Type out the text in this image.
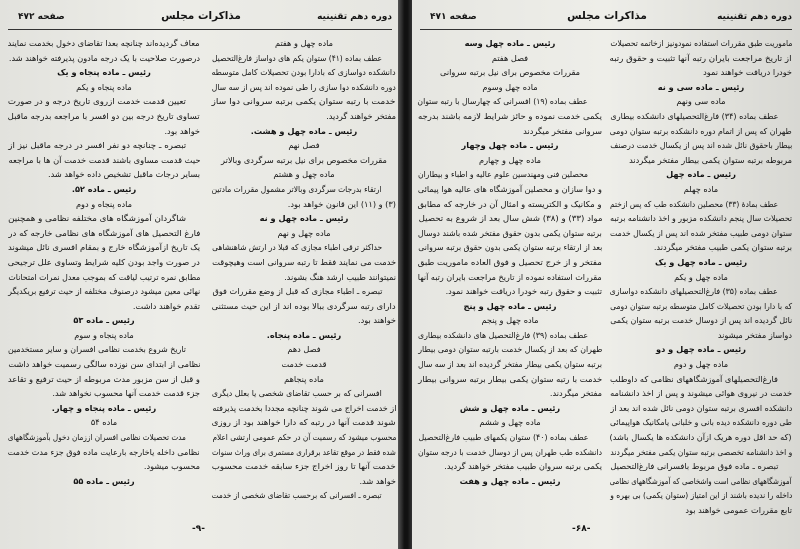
دوره دهم تقنینیه
مذاکرات مجلس
صفحه ۴۷۲
ماده چهل و هفتم
عطف بماده (۴۱) ستوان یکم های دواساز فارغ‌التحصیل
دانشکده دواسازی که بادارا بودن تحصیلات کامل متوسطه
دوره دانشکده دوا سازی را طی نموده اند پس از سه سال
خدمت با رتبه ستوان یکمی برتبه سروانی دوا ساز
مفتخر خواهند گردید.
رئیس ـ ماده چهل و هشت.
فصل نهم
مقررات مخصوص برای نیل برتبه سرگردی وبالاتر
ماده چهل و هشتم
ارتقاء بدرجات سرگردی وبالاتر مشمول مقررات مادتین
(۳) و (۱۱) این قانون خواهد بود.
رئیس ـ ماده چهل و نه
ماده چهل و نهم
حداکثر ترقی اطباء مجازی که قبلا در ارتش شاهنشاهی
خدمت می نمایند فقط تا رتبه سروانی است وهیچوقت
نمیتوانند طبیب ارشد هنگ بشوند.
تبصره ـ اطباء مجازی که قبل از وضع مقررات فوق
دارای رتبه سرگردی ببالا بوده اند از این حیث مستثنی
خواهند بود.
رئیس ـ ماده پنجاه.
فصل دهم
قدمت خدمت
ماده پنجاهم
افسرانی که بر حسب تقاضای شخصی یا بعلل دیگری
از خدمت اخراج می شوند چنانچه مجددا بخدمت پذیرفته
شوند قدمت آنها در رتبه که دارا خواهند بود از روزی
محسوب میشود که رسمیت آن در حکم عمومی ارتشی اعلام
شده فقط در موقع تقاعد برقراری مستمری برای وراث سنوات
خدمت آنها تا روز اخراج جزء سابقه خدمت محسوب
خواهد شد.
تبصره ـ افسرانی که برحسب تقاضای شخصی از خدمت
معاف گردیده‌اند چنانچه بعدا تقاضای دخول بخدمت نمایند
درصورت صلاحیت با یک درجه مادون پذیرفته خواهند شد.
رئیس ـ ماده پنجاه و یک
ماده پنجاه و یکم
تعیین قدمت خدمت ازروی تاریخ درجه و در صورت
تساوی تاریخ درجه بین دو افسر با مراجعه بدرجه ماقبل
خواهد بود.
تبصره ـ چنانچه دو نفر افسر در درجه ماقبل نیز از
حیث قدمت مساوی باشند قدمت خدمت آن ها با مراجعه
بسایر درجات ماقبل تشخیص داده خواهد شد.
رئیس ـ ماده ۵۲.
ماده پنجاه و دوم
شاگردان آموزشگاه های مختلفه نظامی و همچنین
فارغ التحصیل های آموزشگاه های نظامی خارجه که در
یک تاریخ ازآموزشگاه خارج و بمقام افسری نائل میشوند
در صورت واجد بودن کلیه شرایط وتساوی علل ترجیحی
مطابق نمره ترتیب لیاقت که بموجب معدل نمرات امتحانات
نهائی معین میشود درصنوف مختلفه از حیث ترفیع بریکدیگر
تقدم خواهند داشت.
رئیس ـ ماده ۵۳
ماده پنجاه و سوم
تاریخ شروع بخدمت نظامی افسران و سایر مستخدمین
نظامی از ابتدای سن نوزده سالگی رسمیت خواهد داشت
و قبل از سن مزبور مدت مربوطه از حیث ترفیع و تقاعد
جزء قدمت خدمت آنها محسوب نخواهد شد.
رئیس ـ ماده پنجاه و چهار.
ماده ۵۴
مدت تحصیلات نظامی افسران اززمان دخول بآموزشگاههای
نظامی داخله یاخارجه بارعایت ماده فوق جزء مدت خدمت
محسوب میشود.
رئیس ـ ماده ۵۵
-۹-
دوره دهم تقنینیه
مذاکرات مجلس
صفحه ۴۷۱
ماموریت طبق مقررات استفاده نمودونیز ازخاتمه تحصیلات
از تاریخ مراجعت بایران رتبه آنها تثبیت و حقوق رتبه
خودرا دریافت خواهند نمود
رئیس ـ ماده سی و نه
ماده سی ونهم
عطف بماده (۳۴) فارغ‌التحصیلهای دانشکده بیطاری
طهران که پس از اتمام دوره دانشکده برتبه ستوان دومی
بیطار باحقوق نائل شده اند پس از یکسال خدمت درصنف
مربوطه برتبه ستوان یکمی بیطار مفتخر میگردند
رئیس ـ ماده چهل
ماده چهلم
عطف بمادهٔ (۳۳) محصلین دانشکده طب که پس ازختم
تحصیلات سال پنجم دانشکده مزبور و اخذ دانشنامه برتبه
ستوان دومی طبیب مفتخر شده اند پس از یکسال خدمت
برتبه ستوان یکمی طبیب مفتخر میگردند.
رئیس ـ ماده چهل و یک
ماده چهل و یکم
عطف بماده (۳۵) فارغ‌التحصیلهای دانشکده دواسازی
که با دارا بودن تحصیلات کامل متوسطه برتبه ستوان دومی
نائل گردیده اند پس از دوسال خدمت برتبه ستوان یکمی
دواساز مفتخر میشوند
رئیس ـ ماده چهل و دو
ماده چهل و دوم
فارغ‌التحصیلهای آموزشگاههای نظامی که داوطلب
خدمت در نیروی هوائی میشوند و پس از اخذ دانشنامه
دانشکده افسری برتبه ستوان دومی نائل شده اند بعد از
طی دوره دانشکده دیده بانی و خلبانی یامکانیک هواپیمائی
(که حد اقل دوره هریک ازآن دانشکده ها یکسال باشد)
و اخذ دانشنامه تخصصی برتبه ستوان یکمی مفتخر میگردند
تبصره ـ ماده فوق مربوط بافسرانی فارغ‌التحصیل
آموزشگاههای نظامی است واشخاصی که آموزشگاههای نظامی
داخله را ندیده باشند از این امتیاز (ستوان یکمی) بی بهره و
تابع مقررات عمومی خواهند بود
رئیس ـ ماده چهل وسه
فصل هفتم
مقررات مخصوص برای نیل برتبه سروانی
ماده چهل وسوم
عطف بماده (۱۹) افسرانی که چهارسال با رتبه ستوان
یکمی خدمت نموده و حائز شرایط لازمه باشند بدرجه
سروانی مفتخر میگردند
رئیس ـ ماده چهل وچهار
ماده چهل و چهارم
محصلین فنی ومهندسین علوم عالیه و اطباء و بیطاران
و دوا سازان و محصلین آموزشگاه های عالیه هوا پیمائی
و مکانیک و الکتریسته و امثال آن در خارجه که مطابق
مواد (۳۳) و (۳۸) شش سال بعد از شروع به تحصیل
برتبه ستوان یکمی بدون حقوق مفتخر شده باشند دوسال
بعد از ارتقاء برتبه ستوان یکمی بدون حقوق برتبه سروانی
مفتخر و از خرج تحصیل و فوق العاده ماموریت طبق
مقررات استفاده نموده از تاریخ مراجعت بایران رتبه آنها
تثبیت و حقوق رتبه خودرا دریافت خواهند نمود.
رئیس ـ ماده چهل و پنج
ماده چهل و پنجم
عطف بماده (۳۹) فارغ‌التحصیل های دانشکده بیطاری
طهران که بعد از یکسال خدمت بارتبه ستوان دومی بیطار
برتبه ستوان یکمی بیطار مفتخر گردیده اند بعد از سه سال
خدمت با رتبه ستوان یکمی بیطار برتبه سروانی بیطار
مفتخر میگردند.
رئیس ـ ماده چهل و شش
ماده چهل و ششم
عطف بماده (۴۰) ستوان یکمهای طبیب فارغ‌التحصیل
دانشکده طب طهران پس از دوسال خدمت با درجه ستوان
یکمی برتبه سروان طبیب مفتخر خواهند گردید.
رئیس ـ ماده چهل و هفت
-۶۸-
